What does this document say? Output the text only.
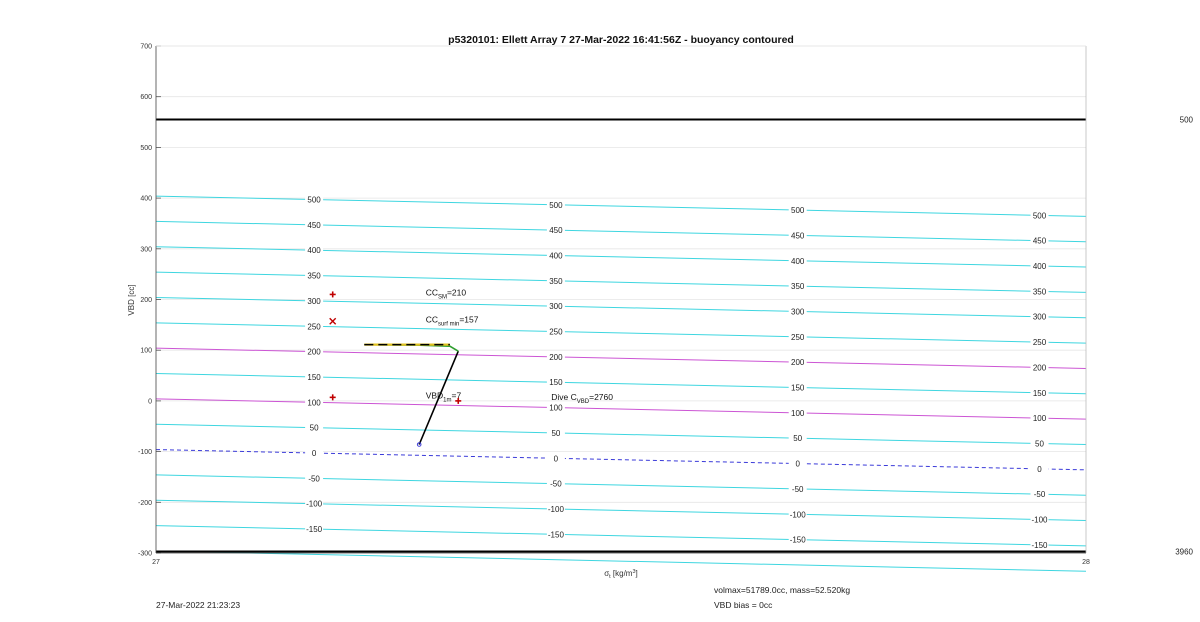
-150
-150
-150
-150
-100
-100
-100
-100
-50
-50
-50
-50
0
0
0
0
50
50
50
50
100
100
100
100
150
150
150
150
200
200
200
200
250
250
250
250
300
300
300
300
350
350
350
350
400
400
400
400
450
450
450
450
500
500
500
500
500
3960
$CC_{SM}=210$
$CC_{surf min}=157$
$VBD_{1m}=7$	Dive $C_{VBD}=2760$
-300
-200
-100
0
100
200
300
400
500
600
700
27	28
p5320101: Ellett Array 7 27-Mar-2022 16:41:56Z - buoyancy contoured
VBD [cc]
$\sigma_t$ $[kg/m^3]$
volmax=51789.0cc, mass=52.520kg
VBD bias = 0cc
27-Mar-2022 21:23:23
